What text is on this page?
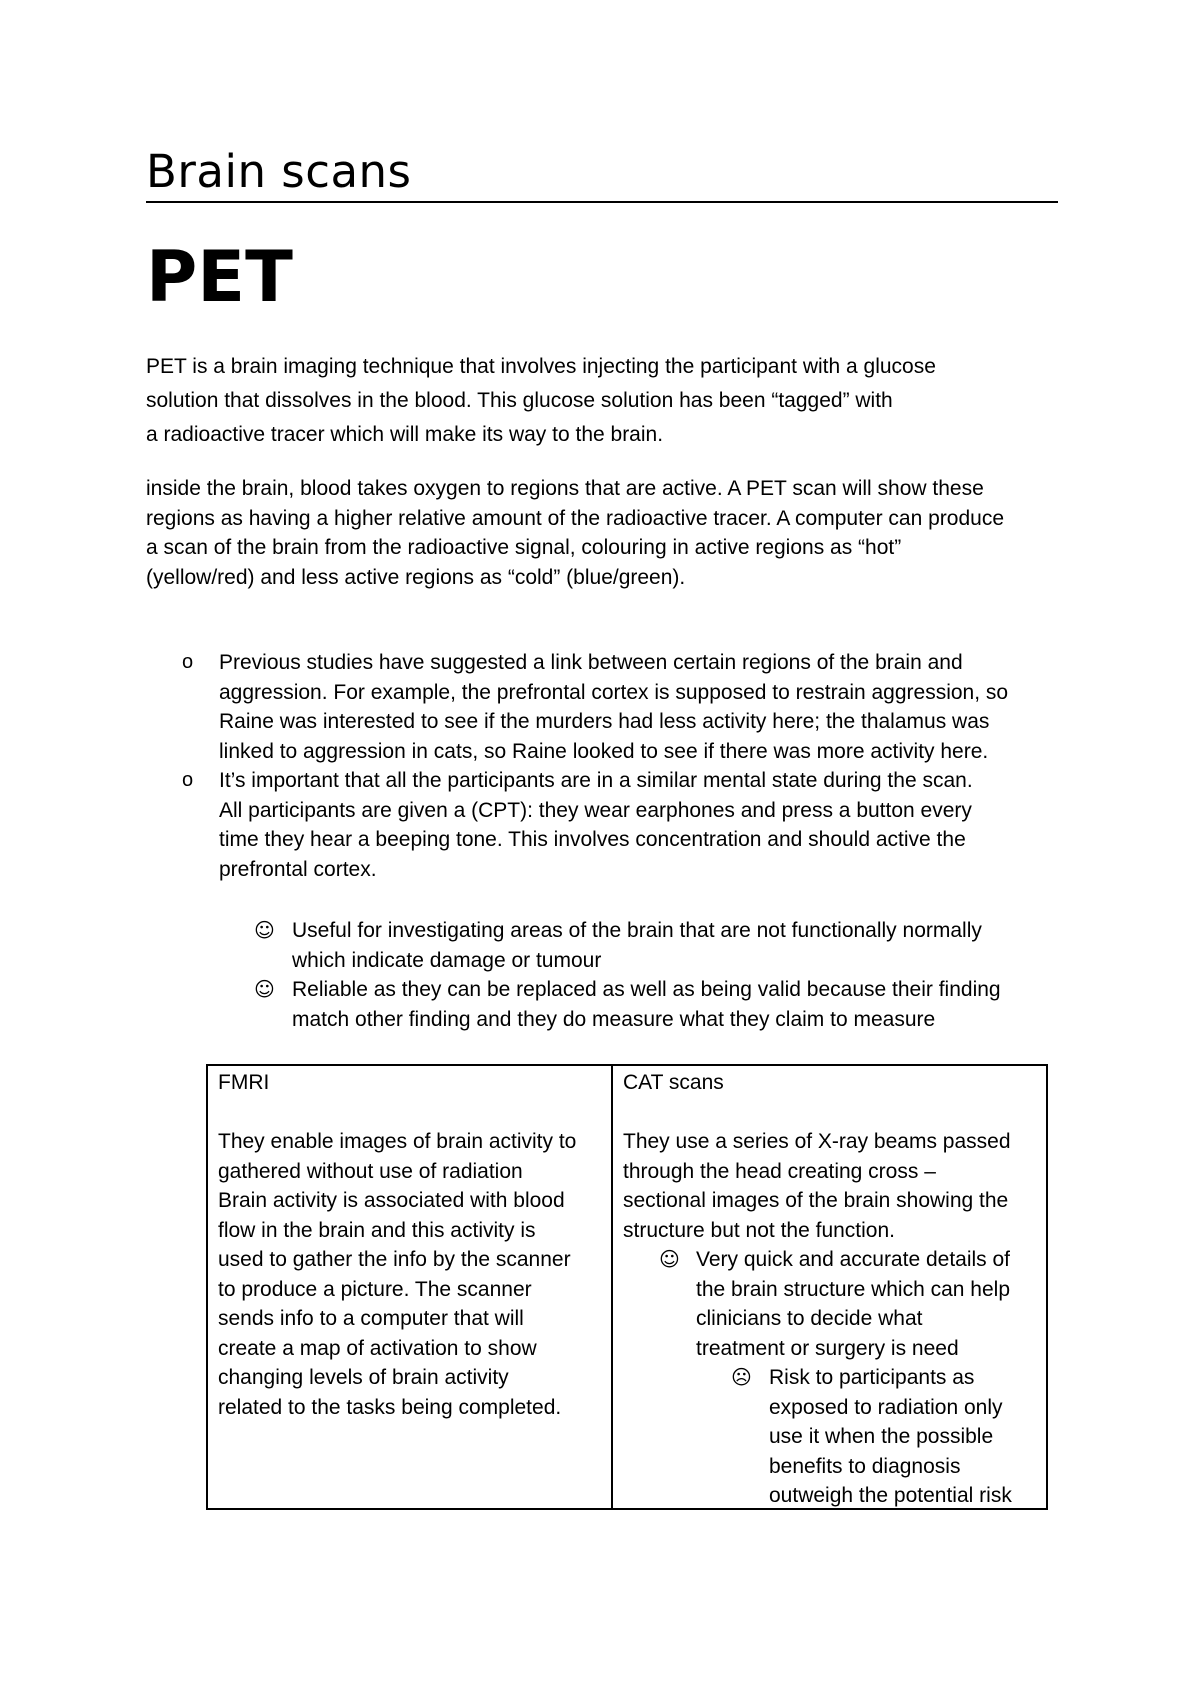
Brain scans
PET
PET is a brain imaging technique that involves injecting the participant with a glucose
solution that dissolves in the blood. This glucose solution has been “tagged” with
a radioactive tracer which will make its way to the brain.
inside the brain, blood takes oxygen to regions that are active. A PET scan will show these
regions as having a higher relative amount of the radioactive tracer. A computer can produce
a scan of the brain from the radioactive signal, colouring in active regions as “hot”
(yellow/red) and less active regions as “cold” (blue/green).
o Previous studies have suggested a link between certain regions of the brain and
aggression. For example, the prefrontal cortex is supposed to restrain aggression, so
Raine was interested to see if the murders had less activity here; the thalamus was
linked to aggression in cats, so Raine looked to see if there was more activity here.
o It’s important that all the participants are in a similar mental state during the scan.
All participants are given a (CPT): they wear earphones and press a button every
time they hear a beeping tone. This involves concentration and should active the
prefrontal cortex.
☺ Useful for investigating areas of the brain that are not functionally normally
which indicate damage or tumour
☺ Reliable as they can be replaced as well as being valid because their finding
match other finding and they do measure what they claim to measure
FMRI
They enable images of brain activity to
gathered without use of radiation
Brain activity is associated with blood
flow in the brain and this activity is
used to gather the info by the scanner
to produce a picture. The scanner
sends info to a computer that will
create a map of activation to show
changing levels of brain activity
related to the tasks being completed.
CAT scans
They use a series of X-ray beams passed
through the head creating cross –
sectional images of the brain showing the
structure but not the function.
☺ Very quick and accurate details of
the brain structure which can help
clinicians to decide what
treatment or surgery is need
☹ Risk to participants as
exposed to radiation only
use it when the possible
benefits to diagnosis
outweigh the potential risk
